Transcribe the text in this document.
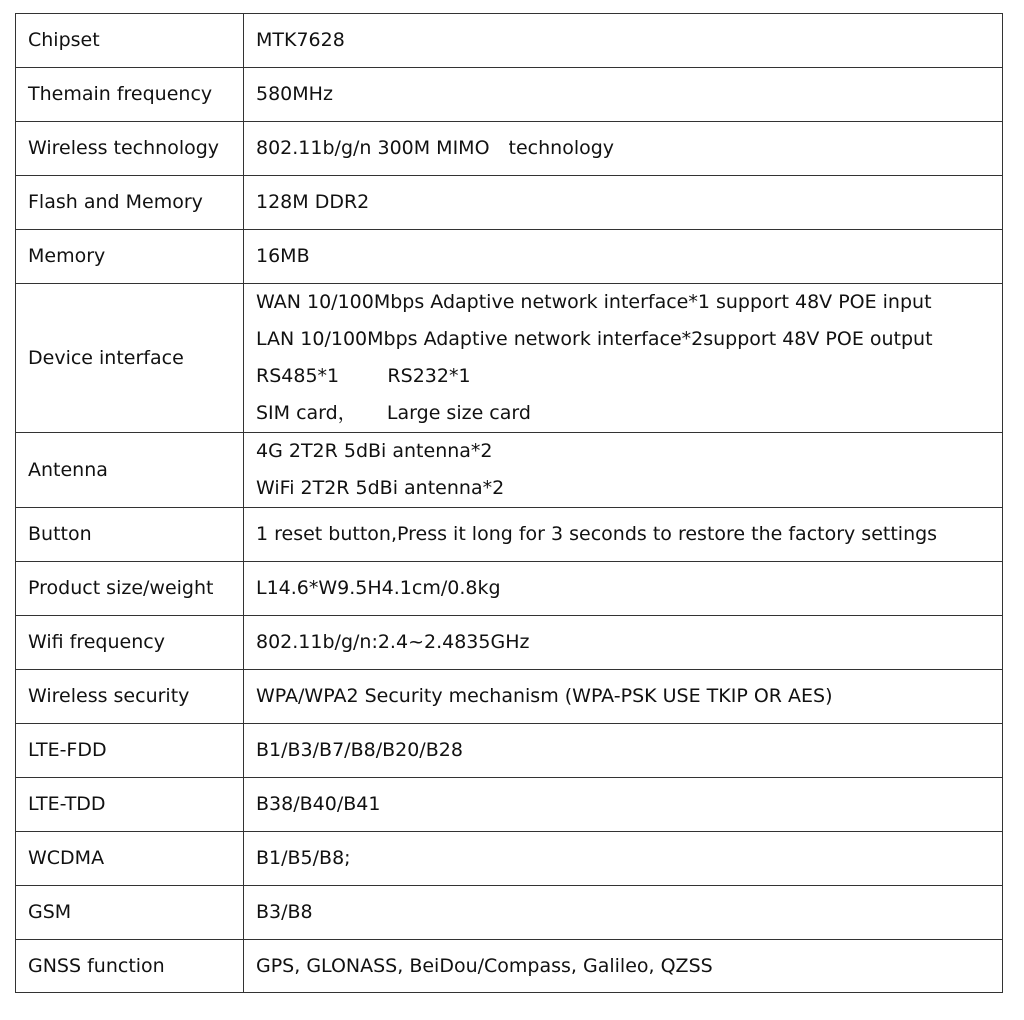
Chipset	MTK7628

Themain frequency	580MHz

Wireless technology	802.11b/g/n 300M MIMO　technology

Flash and Memory	128M DDR2

Memory	16MB

Device interface	WAN 10/100Mbps Adaptive network interface*1 support 48V POE input
LAN 10/100Mbps Adaptive network interface*2support 48V POE output
RS485*1        RS232*1
SIM card，     Large size card

Antenna	4G 2T2R 5dBi antenna*2
WiFi 2T2R 5dBi antenna*2

Button	1 reset button,Press it long for 3 seconds to restore the factory settings

Product size/weight	L14.6*W9.5H4.1cm/0.8kg

Wifi frequency	802.11b/g/n:2.4~2.4835GHz

Wireless security	WPA/WPA2 Security mechanism (WPA-PSK USE TKIP OR AES)

LTE-FDD	B1/B3/B7/B8/B20/B28

LTE-TDD	B38/B40/B41

WCDMA	B1/B5/B8;

GSM	B3/B8

GNSS function	GPS, GLONASS, BeiDou/Compass, Galileo, QZSS
